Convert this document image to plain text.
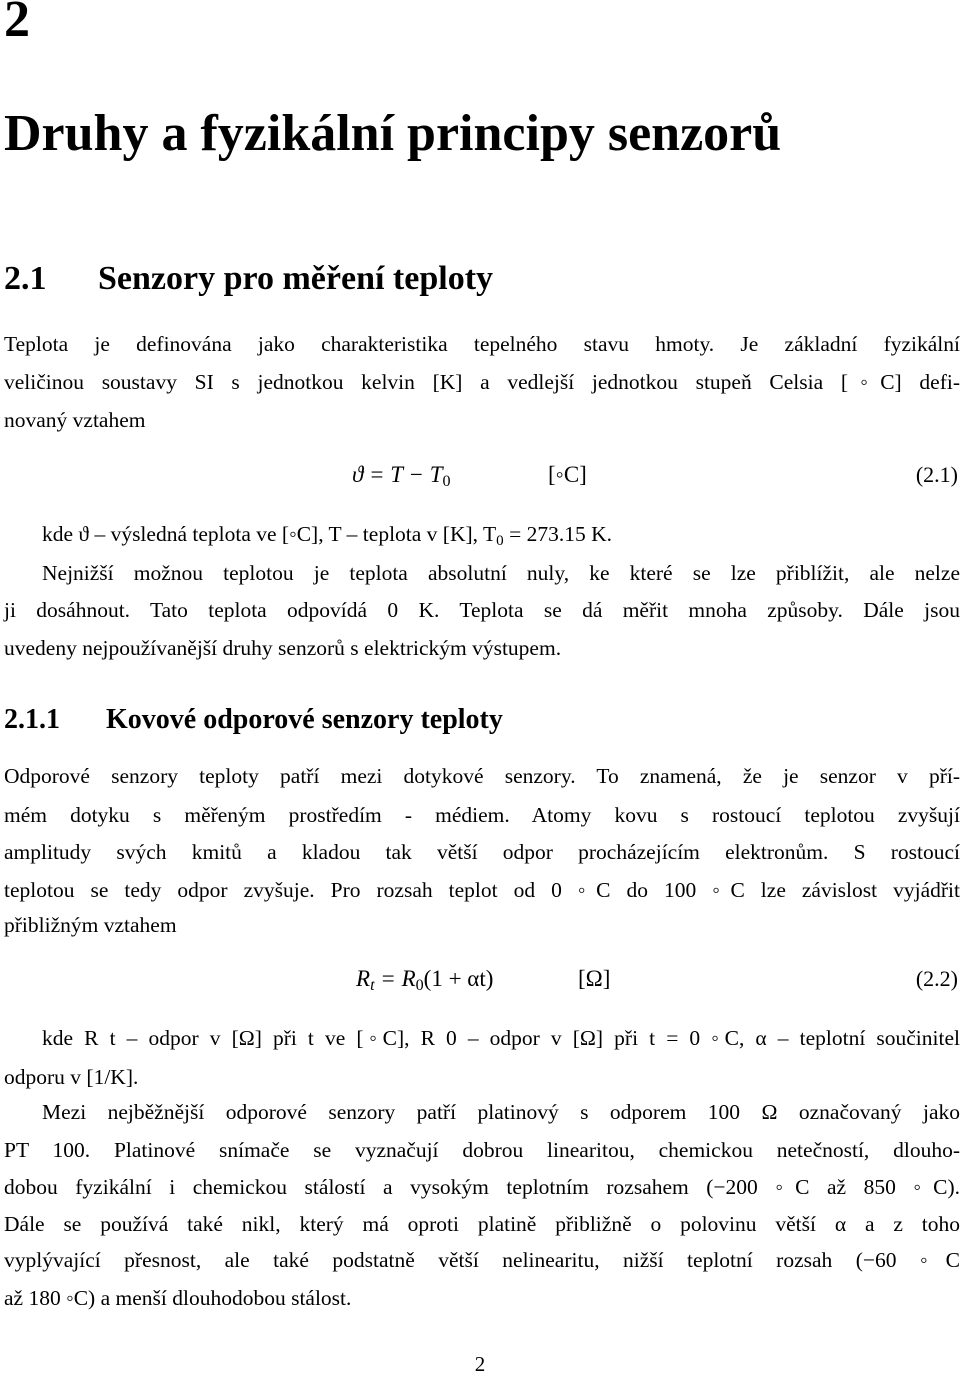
2
Druhy a fyzikální principy senzorů
2.1 Senzory pro měření teploty
Teplota je definována jako charakteristika tepelného stavu hmoty. Je základní fyzikální
veličinou soustavy SI s jednotkou kelvin [K] a vedlejší jednotkou stupeň Celsia [◦C] defi-
novaný vztahem
$ϑ = T - T_0$	[◦C]	(2.1)
kde ϑ – výsledná teplota ve [◦C], T – teplota v [K], $T_0 = 273.15$ K.
Nejnižší možnou teplotou je teplota absolutní nuly, ke které se lze přiblížit, ale nelze
ji dosáhnout. Tato teplota odpovídá 0 K. Teplota se dá měřit mnoha způsoby. Dále jsou
uvedeny nejpoužívanější druhy senzorů s elektrickým výstupem.
2.1.1 Kovové odporové senzory teploty
Odporové senzory teploty patří mezi dotykové senzory. To znamená, že je senzor v pří-
mém dotyku s měřeným prostředím - médiem. Atomy kovu s rostoucí teplotou zvyšují
amplitudy svých kmitů a kladou tak větší odpor procházejícím elektronům. S rostoucí
teplotou se tedy odpor zvyšuje. Pro rozsah teplot od 0 ◦C do 100 ◦C lze závislost vyjádřit
přibližným vztahem
$R_t = R_0(1 + \alpha t)$	[Ω]	(2.2)
kde R t – odpor v [Ω] při t ve [◦C], R 0 – odpor v [Ω] při t = 0 ◦C, α – teplotní součinitel
odporu v [1/K].
Mezi nejběžnější odporové senzory patří platinový s odporem 100 Ω označovaný jako
PT 100. Platinové snímače se vyznačují dobrou linearitou, chemickou netečností, dlouho-
dobou fyzikální i chemickou stálostí a vysokým teplotním rozsahem (−200 ◦C až 850 ◦C).
Dále se používá také nikl, který má oproti platině přibližně o polovinu větší α a z toho
vyplývající přesnost, ale také podstatně větší nelinearitu, nižší teplotní rozsah (−60 ◦C
až 180 ◦C) a menší dlouhodobou stálost.
2
